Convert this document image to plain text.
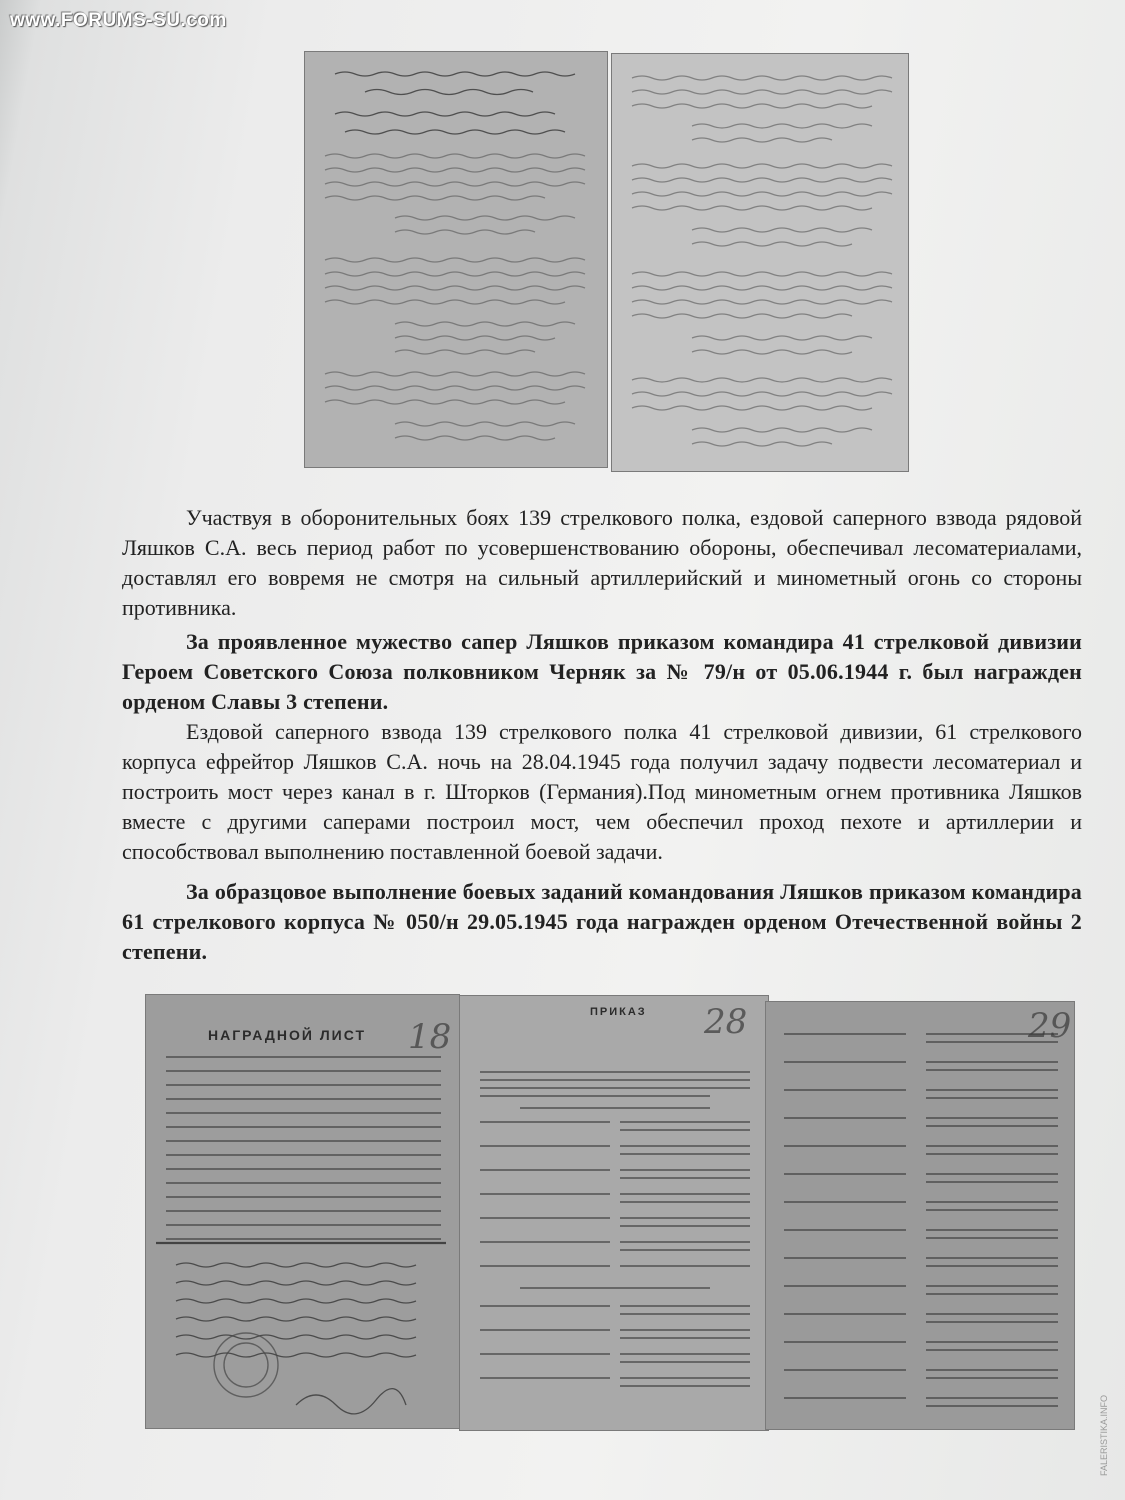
www.FORUMS-SU.com
FALERISTIKA.INFO

Участвуя в оборонительных боях 139 стрелкового полка, ездовой саперного взвода рядовой Ляшков С.А. весь период работ по усовершенствованию обороны, обеспечивал лесоматериалами, доставлял его вовремя не смотря на сильный артиллерийский и минометный огонь со стороны противника.

За проявленное мужество сапер Ляшков приказом командира 41 стрелковой дивизии Героем Советского Союза полковником Черняк за № 79/н от 05.06.1944 г. был награжден орденом Славы 3 степени.

Ездовой саперного взвода 139 стрелкового полка 41 стрелковой дивизии, 61 стрелкового корпуса ефрейтор Ляшков С.А. ночь на 28.04.1945 года получил задачу подвести лесоматериал и построить мост через канал в г. Шторков (Германия).Под минометным огнем противника Ляшков вместе с другими саперами построил мост, чем обеспечил проход пехоте и артиллерии и способствовал выполнению поставленной боевой задачи.

За образцовое выполнение боевых заданий командования Ляшков приказом командира 61 стрелкового корпуса № 050/н 29.05.1945 года награжден орденом Отечественной войны 2 степени.

НАГРАДНОЙ ЛИСТ 18
ПРИКАЗ 28	29
